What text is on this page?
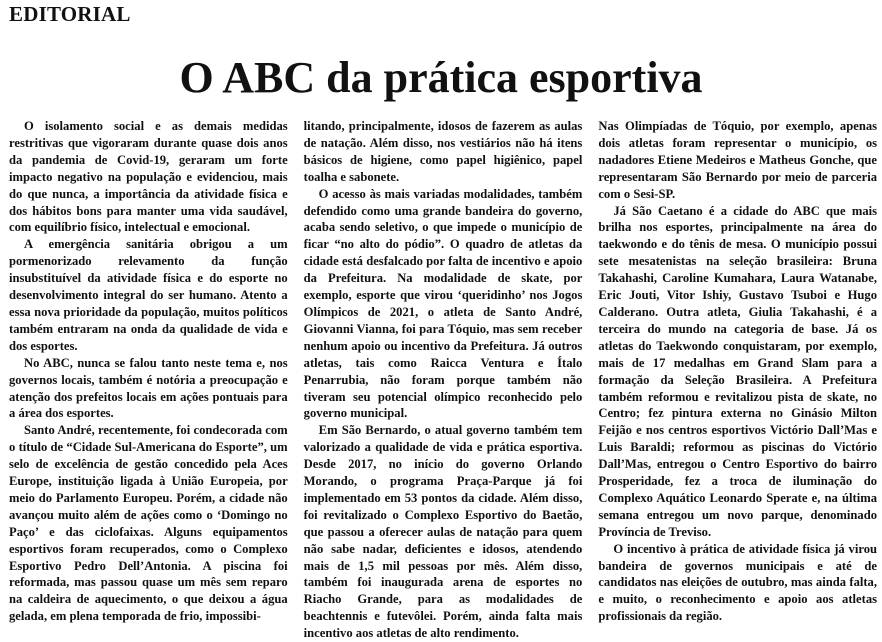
EDITORIAL
O ABC da prática esportiva

O isolamento social e as demais medidas restritivas que vigoraram durante quase dois anos da pandemia de Covid-19, geraram um forte impacto negativo na população e evidenciou, mais do que nunca, a importância da atividade física e dos hábitos bons para manter uma vida saudável, com equilíbrio físico, intelectual e emocional.

A emergência sanitária obrigou a um pormenorizado relevamento da função insubstituível da atividade física e do esporte no desenvolvimento integral do ser humano. Atento a essa nova prioridade da população, muitos políticos também entraram na onda da qualidade de vida e dos esportes.

No ABC, nunca se falou tanto neste tema e, nos governos locais, também é notória a preocupação e atenção dos prefeitos locais em ações pontuais para a área dos esportes.

Santo André, recentemente, foi condecorada com o título de “Cidade Sul-Americana do Esporte”, um selo de excelência de gestão concedido pela Aces Europe, instituição ligada à União Europeia, por meio do Parlamento Europeu. Porém, a cidade não avançou muito além de ações como o ‘Domingo no Paço’ e das ciclofaixas. Alguns equipamentos esportivos foram recuperados, como o Complexo Esportivo Pedro Dell’Antonia. A piscina foi reformada, mas passou quase um mês sem reparo na caldeira de aquecimento, o que deixou a água gelada, em plena temporada de frio, impossibi-

litando, principalmente, idosos de fazerem as aulas de natação. Além disso, nos vestiários não há itens básicos de higiene, como papel higiênico, papel toalha e sabonete.

O acesso às mais variadas modalidades, também defendido como uma grande bandeira do governo, acaba sendo seletivo, o que impede o município de ficar “no alto do pódio”. O quadro de atletas da cidade está desfalcado por falta de incentivo e apoio da Prefeitura. Na modalidade de skate, por exemplo, esporte que virou ‘queridinho’ nos Jogos Olímpicos de 2021, o atleta de Santo André, Giovanni Vianna, foi para Tóquio, mas sem receber nenhum apoio ou incentivo da Prefeitura. Já outros atletas, tais como Raicca Ventura e Ítalo Penarrubia, não foram porque também não tiveram seu potencial olímpico reconhecido pelo governo municipal.

Em São Bernardo, o atual governo também tem valorizado a qualidade de vida e prática esportiva. Desde 2017, no início do governo Orlando Morando, o programa Praça-Parque já foi implementado em 53 pontos da cidade. Além disso, foi revitalizado o Complexo Esportivo do Baetão, que passou a oferecer aulas de natação para quem não sabe nadar, deficientes e idosos, atendendo mais de 1,5 mil pessoas por mês. Além disso, também foi inaugurada arena de esportes no Riacho Grande, para as modalidades de beachtennis e futevôlei. Porém, ainda falta mais incentivo aos atletas de alto rendimento.

Nas Olimpíadas de Tóquio, por exemplo, apenas dois atletas foram representar o município, os nadadores Etiene Medeiros e Matheus Gonche, que representaram São Bernardo por meio de parceria com o Sesi-SP.

Já São Caetano é a cidade do ABC que mais brilha nos esportes, principalmente na área do taekwondo e do tênis de mesa. O município possui sete mesatenistas na seleção brasileira: Bruna Takahashi, Caroline Kumahara, Laura Watanabe, Eric Jouti, Vitor Ishiy, Gustavo Tsuboi e Hugo Calderano. Outra atleta, Giulia Takahashi, é a terceira do mundo na categoria de base. Já os atletas do Taekwondo conquistaram, por exemplo, mais de 17 medalhas em Grand Slam para a formação da Seleção Brasileira. A Prefeitura também reformou e revitalizou pista de skate, no Centro; fez pintura externa no Ginásio Milton Feijão e nos centros esportivos Victório Dall’Mas e Luis Baraldi; reformou as piscinas do Victório Dall’Mas, entregou o Centro Esportivo do bairro Prosperidade, fez a troca de iluminação do Complexo Aquático Leonardo Sperate e, na última semana entregou um novo parque, denominado Província de Treviso.

O incentivo à prática de atividade física já virou bandeira de governos municipais e até de candidatos nas eleições de outubro, mas ainda falta, e muito, o reconhecimento e apoio aos atletas profissionais da região.
